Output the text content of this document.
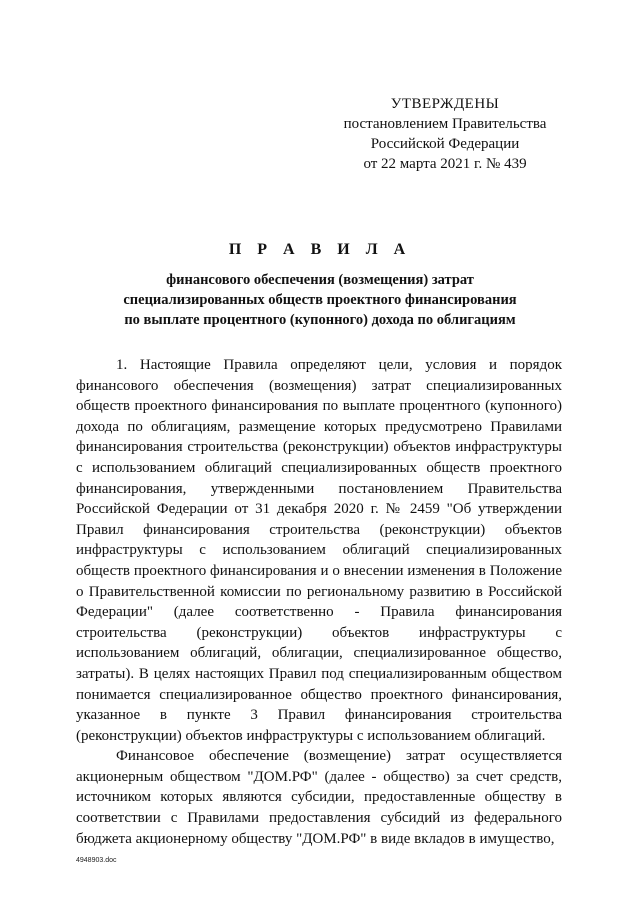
УТВЕРЖДЕНЫ
постановлением Правительства
Российской Федерации
от 22 марта 2021 г. № 439
П Р А В И Л А
финансового обеспечения (возмещения) затрат
специализированных обществ проектного финансирования
по выплате процентного (купонного) дохода по облигациям

1. Настоящие Правила определяют цели, условия и порядок финансового обеспечения (возмещения) затрат специализированных обществ проектного финансирования по выплате процентного (купонного) дохода по облигациям, размещение которых предусмотрено Правилами финансирования строительства (реконструкции) объектов инфраструктуры с использованием облигаций специализированных обществ проектного финансирования, утвержденными постановлением Правительства Российской Федерации от 31 декабря 2020 г. № 2459 "Об утверждении Правил финансирования строительства (реконструкции) объектов инфраструктуры с использованием облигаций специализированных обществ проектного финансирования и о внесении изменения в Положение о Правительственной комиссии по региональному развитию в Российской Федерации" (далее соответственно - Правила финансирования строительства (реконструкции) объектов инфраструктуры с использованием облигаций, облигации, специализированное общество, затраты). В целях настоящих Правил под специализированным обществом понимается специализированное общество проектного финансирования, указанное в пункте 3 Правил финансирования строительства (реконструкции) объектов инфраструктуры с использованием облигаций.

Финансовое обеспечение (возмещение) затрат осуществляется акционерным обществом "ДОМ.РФ" (далее - общество) за счет средств, источником которых являются субсидии, предоставленные обществу в соответствии с Правилами предоставления субсидий из федерального бюджета акционерному обществу "ДОМ.РФ" в виде вкладов в имущество,

4948903.doc
